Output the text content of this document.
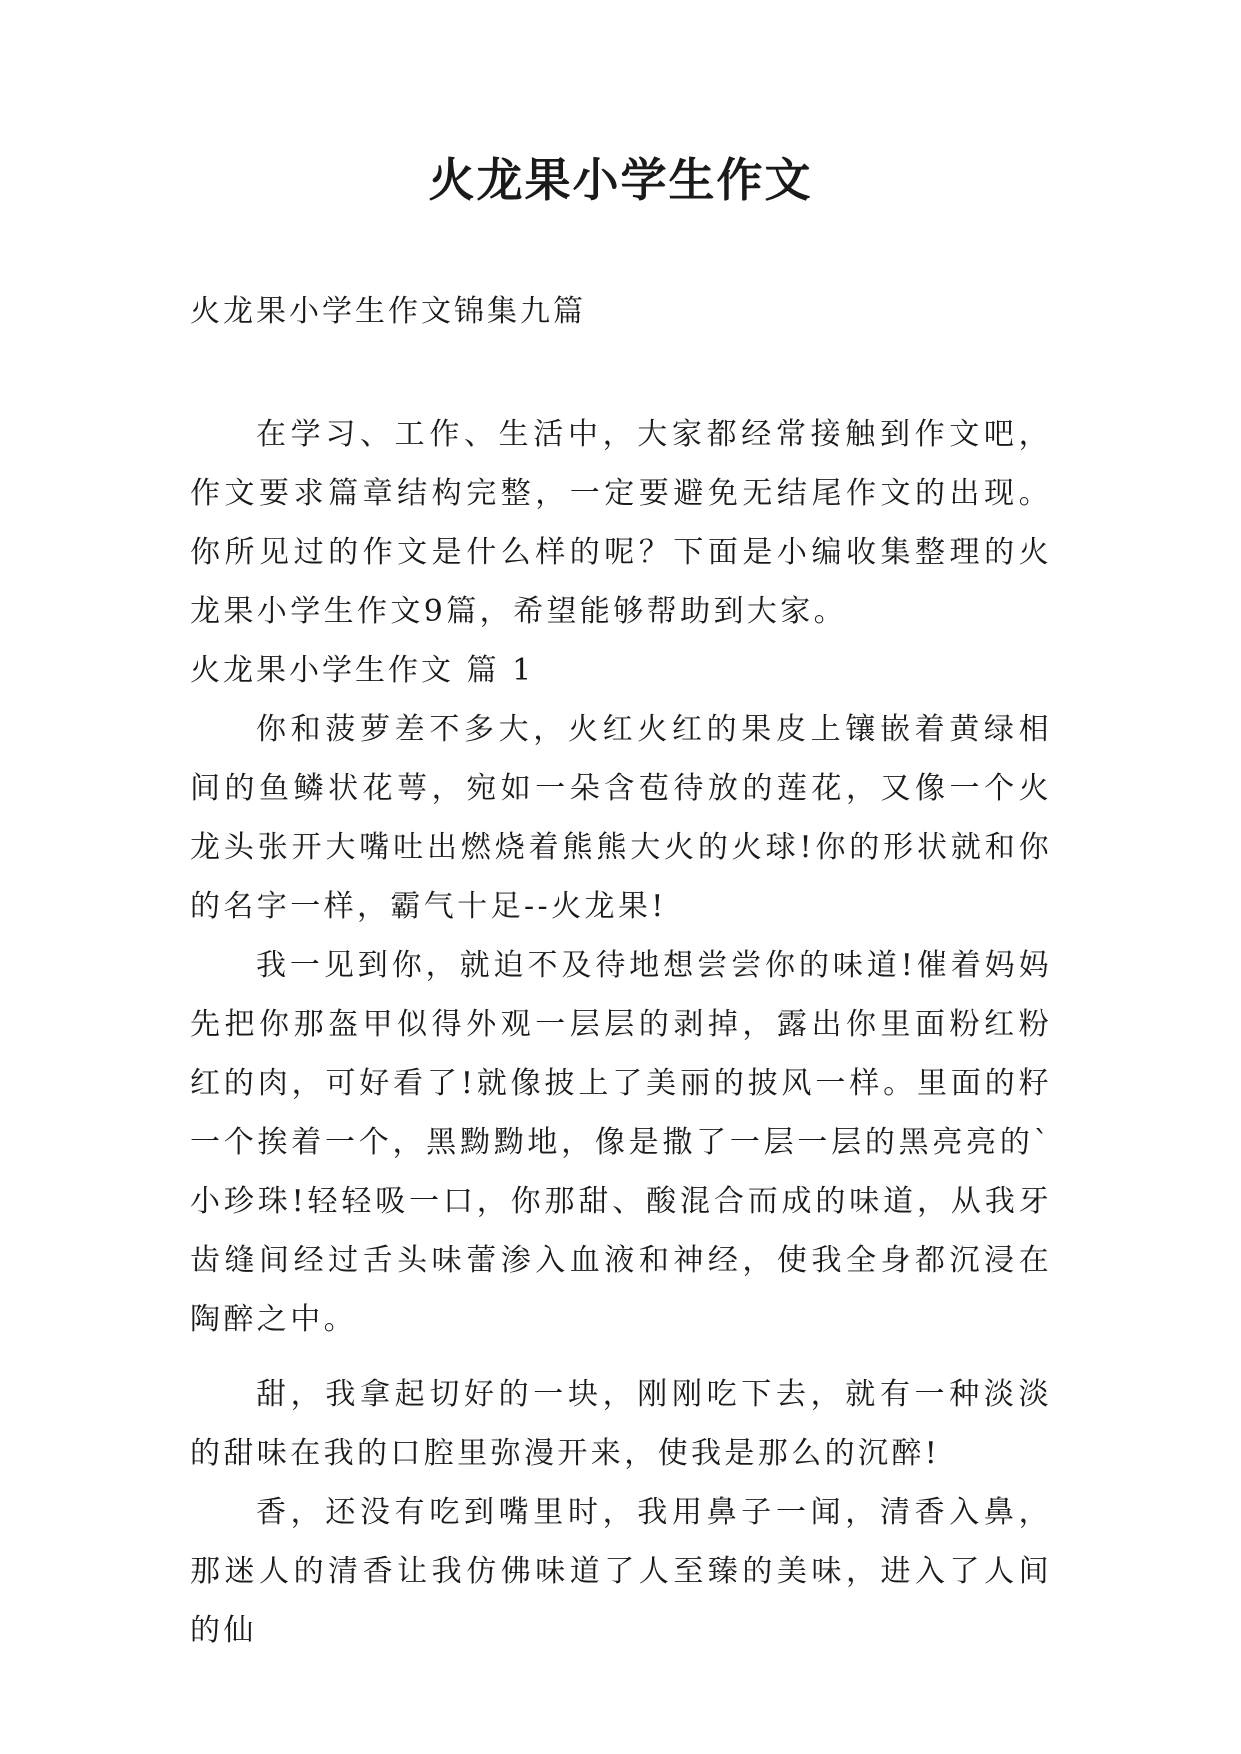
火龙果小学生作文

火龙果小学生作文锦集九篇

在学习、工作、生活中，大家都经常接触到作文吧，作文要求篇章结构完整，一定要避免无结尾作文的出现。你所见过的作文是什么样的呢？下面是小编收集整理的火龙果小学生作文9篇，希望能够帮助到大家。

火龙果小学生作文 篇 1

你和菠萝差不多大，火红火红的果皮上镶嵌着黄绿相间的鱼鳞状花萼，宛如一朵含苞待放的莲花，又像一个火龙头张开大嘴吐出燃烧着熊熊大火的火球!你的形状就和你的名字一样，霸气十足--火龙果!

我一见到你，就迫不及待地想尝尝你的味道!催着妈妈先把你那盔甲似得外观一层层的剥掉，露出你里面粉红粉红的肉，可好看了!就像披上了美丽的披风一样。里面的籽一个挨着一个，黑黝黝地，像是撒了一层一层的黑亮亮的`小珍珠!轻轻吸一口，你那甜、酸混合而成的味道，从我牙齿缝间经过舌头味蕾渗入血液和神经，使我全身都沉浸在陶醉之中。

甜，我拿起切好的一块，刚刚吃下去，就有一种淡淡的甜味在我的口腔里弥漫开来，使我是那么的沉醉!

香，还没有吃到嘴里时，我用鼻子一闻，清香入鼻，那迷人的清香让我仿佛味道了人至臻的美味，进入了人间的仙
